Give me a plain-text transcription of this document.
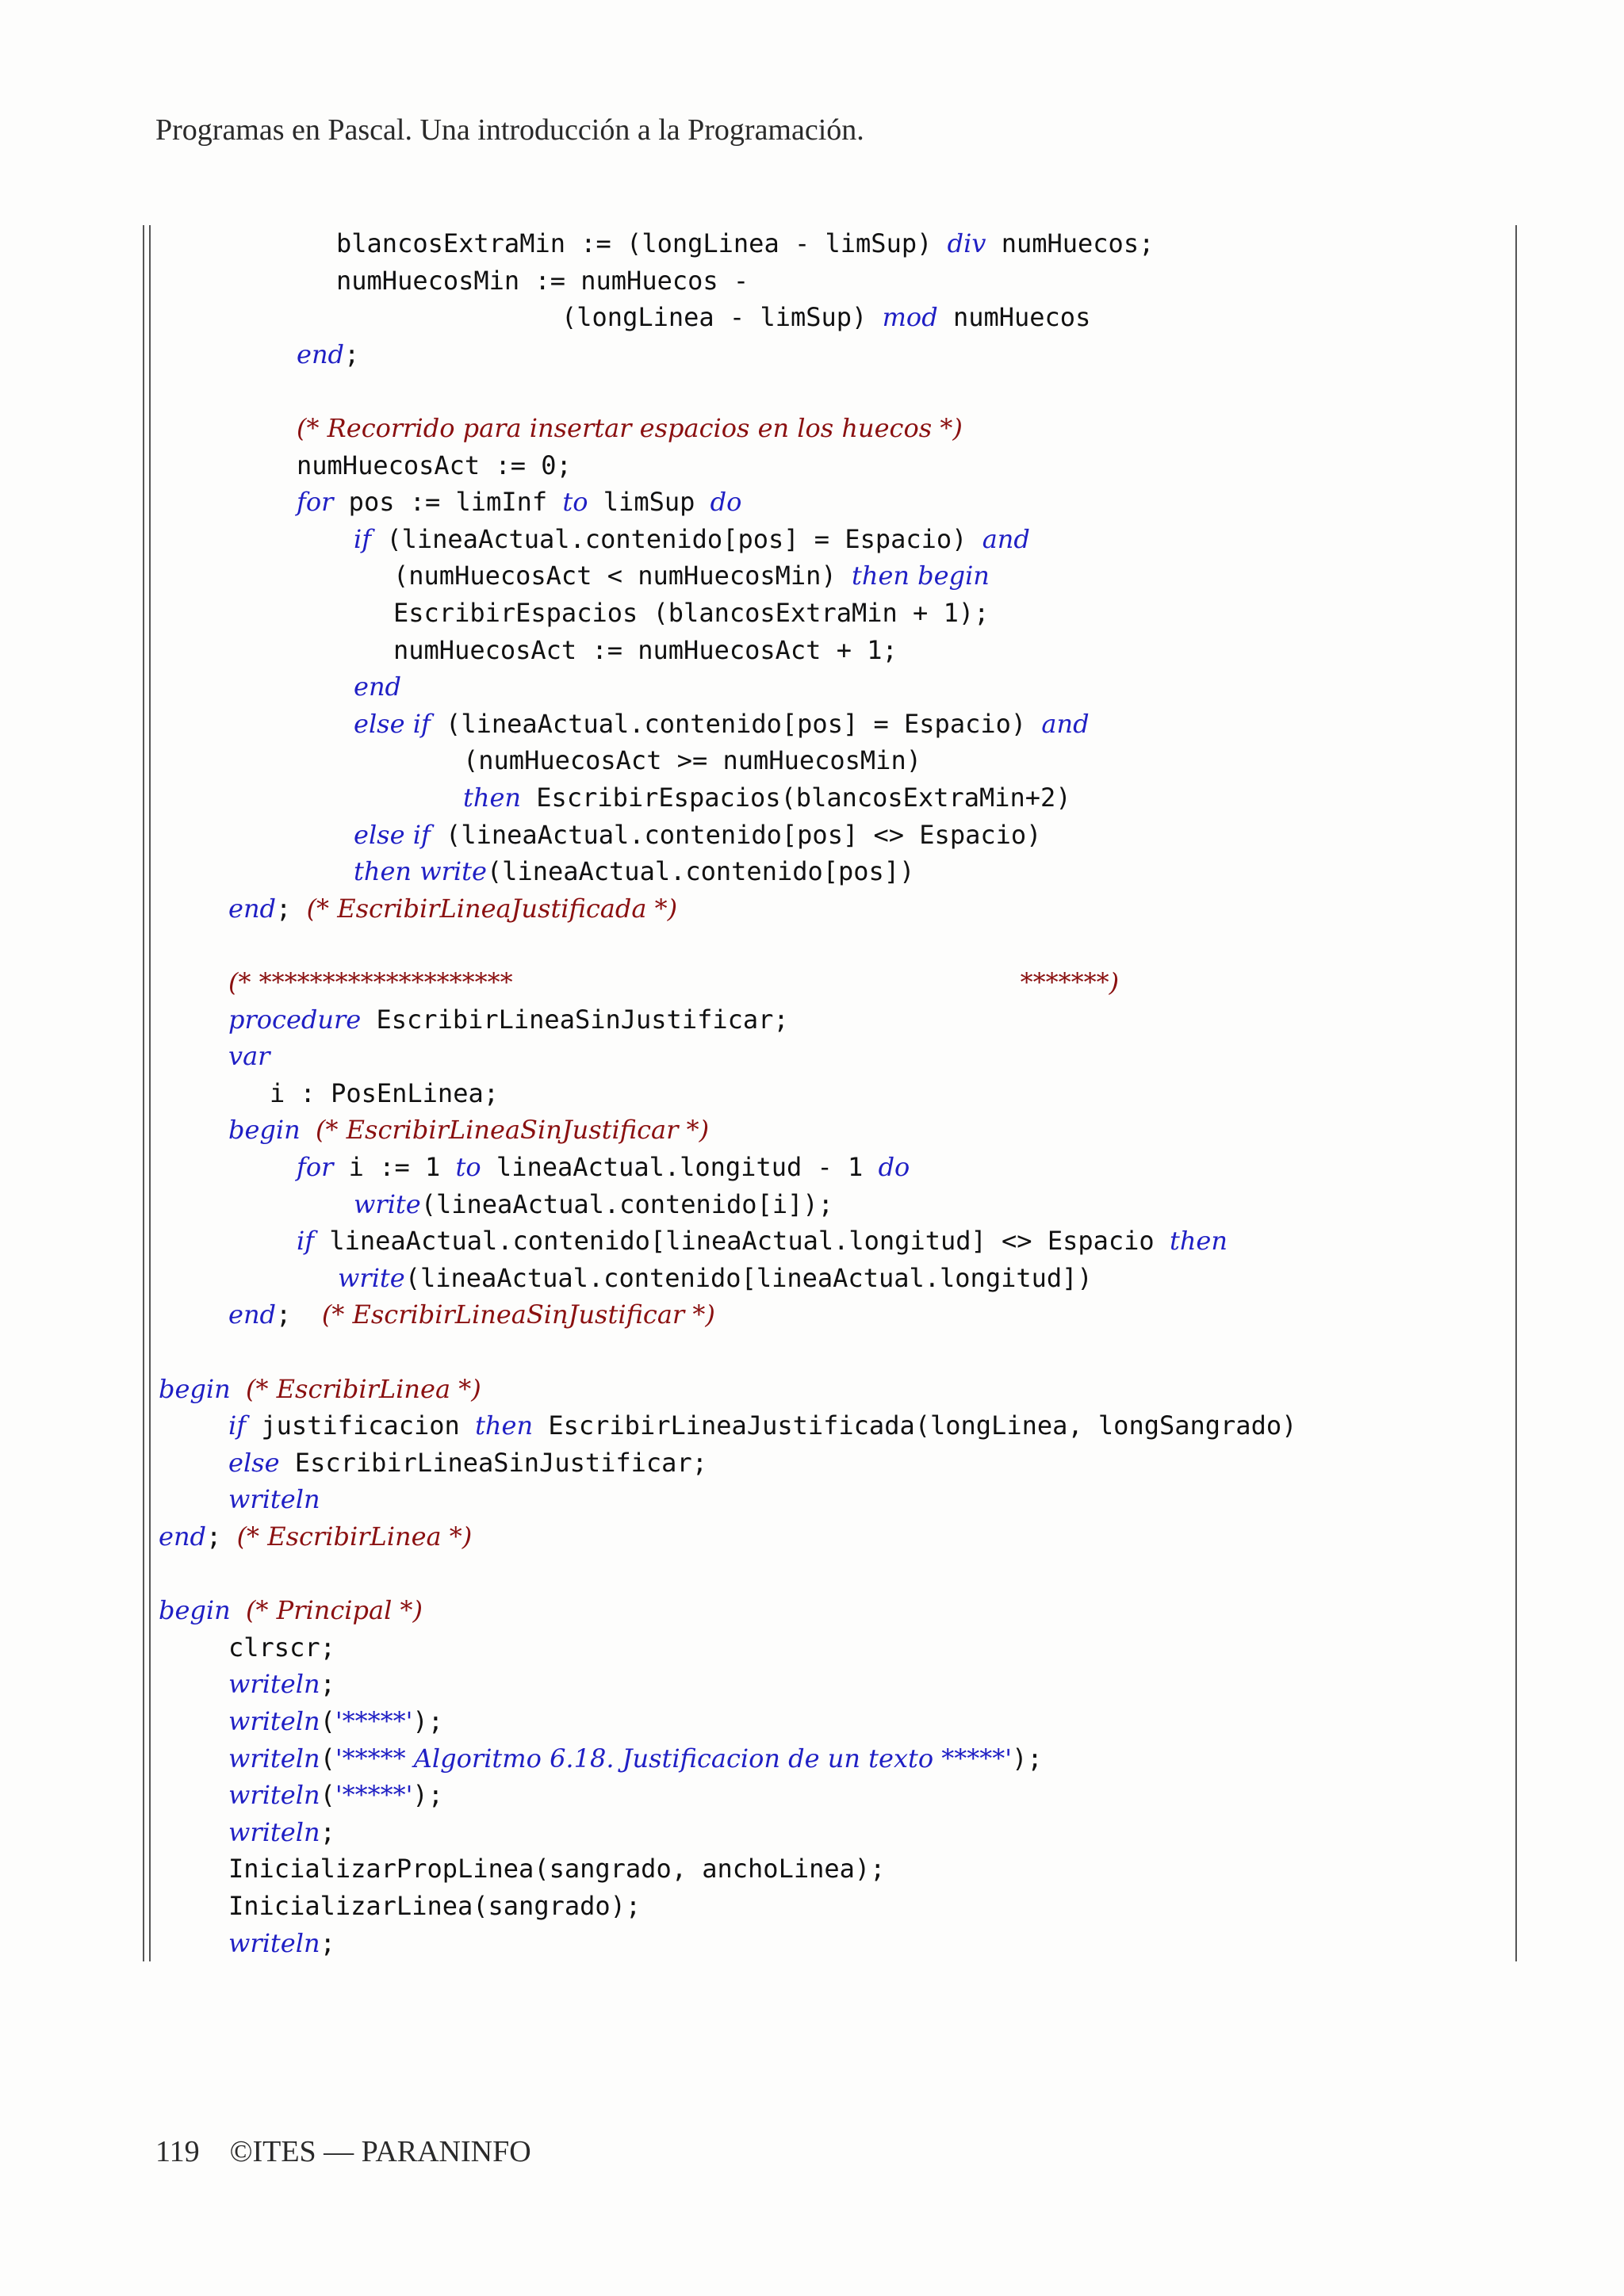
Programas en Pascal. Una introducción a la Programación.
blancosExtraMin := (longLinea - limSup) div numHuecos;
numHuecosMin := numHuecos -
(longLinea - limSup) mod numHuecos
end;
(* Recorrido para insertar espacios en los huecos *)
numHuecosAct := 0;
for pos := limInf to limSup do
if (lineaActual.contenido[pos] = Espacio) and
(numHuecosAct < numHuecosMin) then begin
EscribirEspacios (blancosExtraMin + 1);
numHuecosAct := numHuecosAct + 1;
end
else if (lineaActual.contenido[pos] = Espacio) and
(numHuecosAct >= numHuecosMin)
then EscribirEspacios(blancosExtraMin+2)
else if (lineaActual.contenido[pos] <> Espacio)
then write(lineaActual.contenido[pos])
end; (* EscribirLineaJustificada *)
(* ********************	*******)
procedure EscribirLineaSinJustificar;
var
i : PosEnLinea;
begin (* EscribirLineaSinJustificar *)
for i := 1 to lineaActual.longitud - 1 do
write(lineaActual.contenido[i]);
if lineaActual.contenido[lineaActual.longitud] <> Espacio then
write(lineaActual.contenido[lineaActual.longitud])
end;  (* EscribirLineaSinJustificar *)
begin (* EscribirLinea *)
if justificacion then EscribirLineaJustificada(longLinea, longSangrado)
else EscribirLineaSinJustificar;
writeln
end; (* EscribirLinea *)
begin (* Principal *)
clrscr;
writeln;
writeln('*****');
writeln('***** Algoritmo 6.18. Justificacion de un texto *****');
writeln('*****');
writeln;
InicializarPropLinea(sangrado, anchoLinea);
InicializarLinea(sangrado);
writeln;
119 ©ITES — PARANINFO
